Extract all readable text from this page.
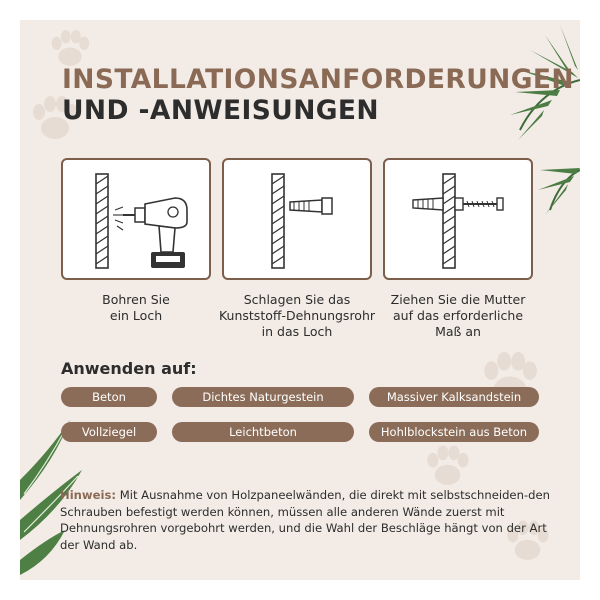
INSTALLATIONSANFORDERUNGEN
UND -ANWEISUNGEN
Bohren Sie
ein Loch
Schlagen Sie das
Kunststoff-Dehnungsrohr
in das Loch
Ziehen Sie die Mutter
auf das erforderliche
Maß an
Anwenden auf:
Beton	Dichtes Naturgestein	Massiver Kalksandstein
Vollziegel	Leichtbeton	Hohlblockstein aus Beton
Hinweis: Mit Ausnahme von Holzpaneelwänden, die direkt mit selbstschneiden-den Schrauben befestigt werden können, müssen alle anderen Wände zuerst mit Dehnungsrohren vorgebohrt werden, und die Wahl der Beschläge hängt von der Art der Wand ab.
